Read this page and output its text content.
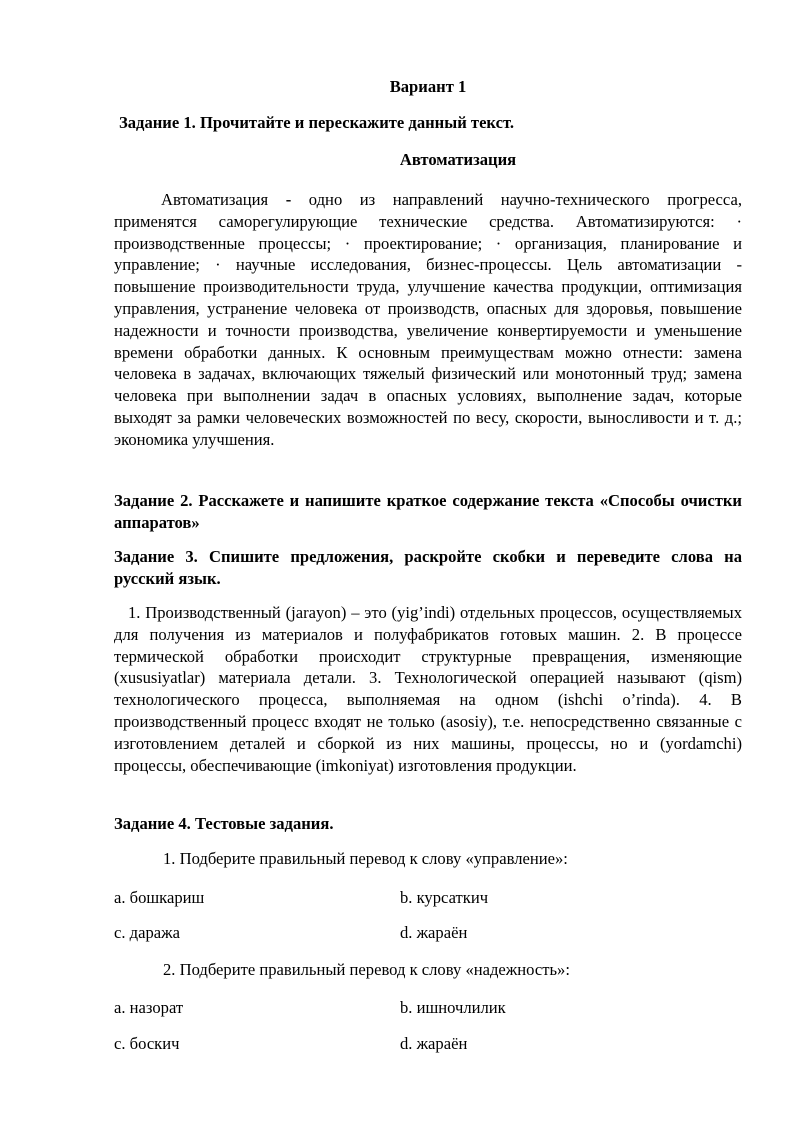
Вариант 1
Задание 1. Прочитайте и перескажите данный текст.
Автоматизация
Автоматизация - одно из направлений научно-технического прогресса, применятся саморегулирующие технические средства. Автоматизируются: · производственные процессы; · проектирование; · организация, планирование и управление; · научные исследования, бизнес-процессы. Цель автоматизации - повышение производительности труда, улучшение качества продукции, оптимизация управления, устранение человека от производств, опасных для здоровья, повышение надежности и точности производства, увеличение конвертируемости и уменьшение времени обработки данных. К основным преимуществам можно отнести: замена человека в задачах, включающих тяжелый физический или монотонный труд; замена человека при выполнении задач в опасных условиях, выполнение задач, которые выходят за рамки человеческих возможностей по весу, скорости, выносливости и т. д.; экономика улучшения.
Задание 2. Расскажете и напишите краткое содержание текста «Способы очистки аппаратов»
Задание 3. Спишите предложения, раскройте скобки и переведите слова на русский язык.
1. Производственный (jarayon) – это (yig’indi) отдельных процессов, осуществляемых для получения из материалов и полуфабрикатов готовых машин. 2. В процессе термической обработки происходит структурные превращения, изменяющие (xususiyatlar) материала детали. 3. Технологической операцией называют (qism) технологического процесса, выполняемая на одном (ishchi o’rinda). 4. В производственный процесс входят не только (asosiy), т.е. непосредственно связанные с изготовлением деталей и сборкой из них машины, процессы, но и (yordamchi) процессы, обеспечивающие (imkoniyat) изготовления продукции.
Задание 4. Тестовые задания.
1. Подберите правильный перевод к слову «управление»:
a. бошкариш	b. курсаткич
c. даража	d. жараён
2. Подберите правильный перевод к слову «надежность»:
a. назорат	b. ишночлилик
c. боскич	d. жараён
